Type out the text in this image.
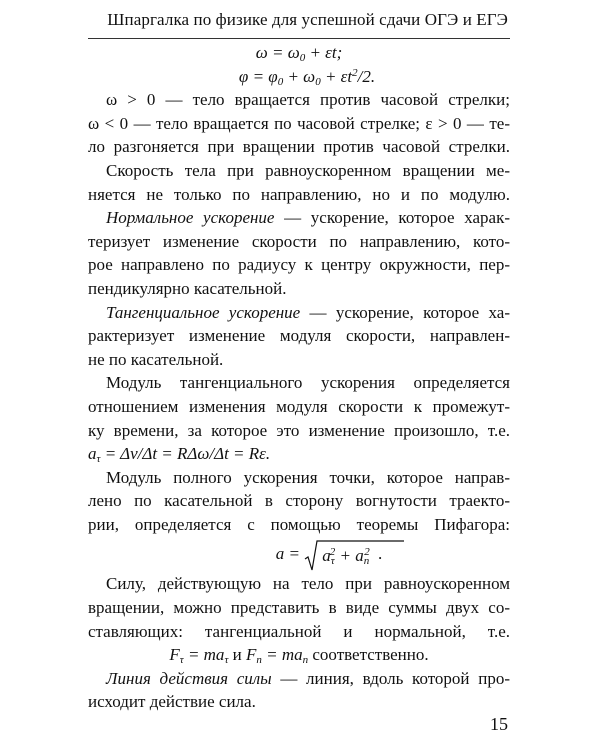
Шпаргалка по физике для успешной сдачи ОГЭ и ЕГЭ
$\omega = \omega_0 + \varepsilon t$;
$\varphi = \varphi_0 + \omega_0 + \varepsilon t^2/2$.
ω > 0 — тело вращается против часовой стрелки;
ω < 0 — тело вращается по часовой стрелке; ε > 0 — те-
ло разгоняется при вращении против часовой стрелки.
Скорость тела при равноускоренном вращении ме-
няется не только по направлению, но и по модулю.
Нормальное ускорение — ускорение, которое харак-
теризует изменение скорости по направлению, кото-
рое направлено по радиусу к центру окружности, пер-
пендикулярно касательной.
Тангенциальное ускорение — ускорение, которое ха-
рактеризует изменение модуля скорости, направлен-
не по касательной.
Модуль тангенциального ускорения определяется
отношением изменения модуля скорости к промежут-
ку времени, за которое это изменение произошло, т.е.
$a_\tau = \Delta v/\Delta t = R\Delta\omega/\Delta t = R\varepsilon$.
Модуль полного ускорения точки, которое направ-
лено по касательной в сторону вогнутости траекто-
рии, определяется с помощью теоремы Пифагора:
a =
$a_\tau^2 + a_n^2$ .
Силу, действующую на тело при равноускоренном
вращении, можно представить в виде суммы двух со-
ставляющих: тангенциальной и нормальной, т.е.
$F_\tau = ma_\tau$ и $F_n = ma_n$ соответственно.
Линия действия силы — линия, вдоль которой про-
исходит действие сила.
15
